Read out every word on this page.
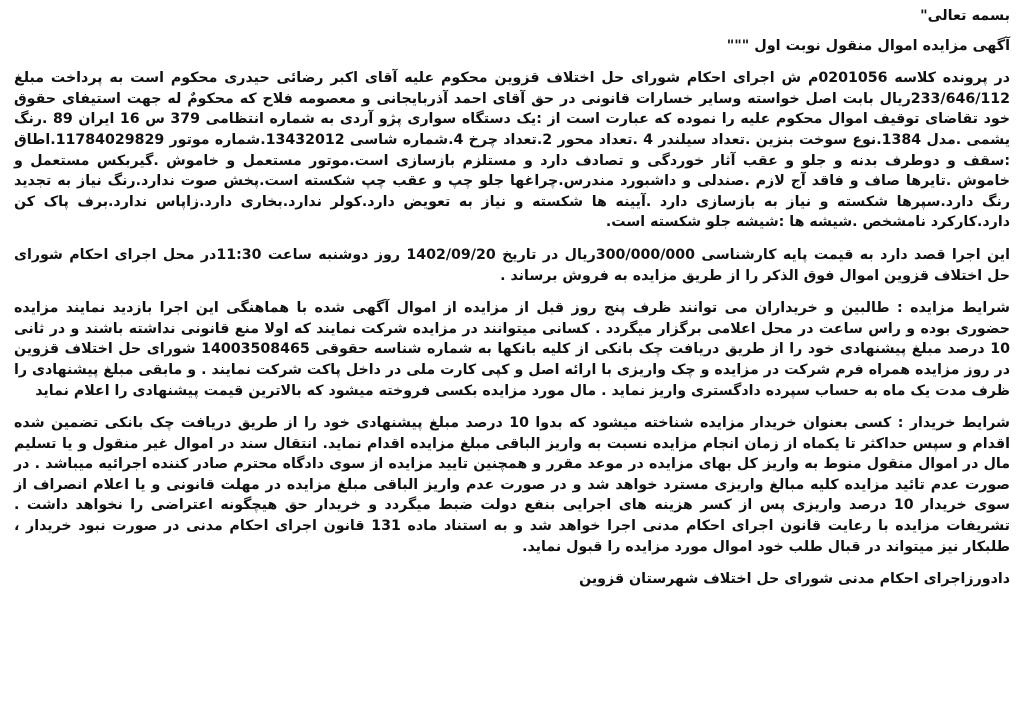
بسمه تعالی"

آگهی مزایده اموال منقول نوبت اول """

در پرونده کلاسه 0201056م ش اجرای احکام شورای حل اختلاف قزوین محکوم علیه آقای اکبر رضائی حیدری محکوم است به پرداخت مبلغ 233/646/112ریال بابت اصل خواسته وسایر خسارات قانونی در حق آقای احمد آذربایجانی و معصومه فلاح که محکومٌ له جهت استیفای حقوق خود تقاضای توقیف اموال محکوم علیه را نموده که عبارت است از :یک دستگاه سواری پژو آردی به شماره انتظامی 379 س 16 ایران 89 .رنگ یشمی .مدل 1384.نوع سوخت بنزین .تعداد سیلندر 4 .تعداد محور 2.تعداد چرخ 4.شماره شاسی 13432012.شماره موتور 11784029829.اطاق :سقف و دوطرف بدنه و جلو و عقب آثار خوردگی و تصادف دارد و مستلزم بازسازی است.موتور مستعمل و خاموش .گیربکس مستعمل و خاموش .تایرها صاف و فاقد آج لازم .صندلی و داشبورد مندرس.چراغها جلو چپ و عقب چپ شکسته است.پخش صوت ندارد.رنگ نیاز به تجدید رنگ دارد.سپرها شکسته و نیاز به بازسازی دارد .آیینه ها شکسته و نیاز به تعویض دارد.کولر ندارد.بخاری دارد.زاپاس ندارد.برف پاک کن دارد.کارکرد نامشخص .شیشه ها :شیشه جلو شکسته است.

این اجرا قصد دارد به قیمت پایه کارشناسی 300/000/000ریال در تاریخ 1402/09/20 روز دوشنبه ساعت 11:30در محل اجرای احکام شورای حل اختلاف قزوین اموال فوق الذکر را از طریق مزایده به فروش برساند .

شرایط مزایده : طالبین و خریداران می توانند ظرف پنج روز قبل از مزایده از اموال آگهی شده با هماهنگی این اجرا بازدید نمایند مزایده حضوری بوده و راس ساعت در محل اعلامی برگزار میگردد . کسانی میتوانند در مزایده شرکت نمایند که اولا منع قانونی نداشته باشند و در ثانی 10 درصد مبلغ پیشنهادی خود را از طریق دریافت چک بانکی از کلیه بانکها به شماره شناسه حقوقی 14003508465 شورای حل اختلاف قزوین در روز مزایده همراه فرم شرکت در مزایده و چک واریزی با ارائه اصل و کپی کارت ملی در داخل پاکت شرکت نمایند . و مابقی مبلغ پیشنهادی را ظرف مدت یک ماه به حساب سپرده دادگستری واریز نماید . مال مورد مزایده بکسی فروخته میشود که بالاترین قیمت پیشنهادی را اعلام نماید

شرایط خریدار : کسی بعنوان خریدار مزایده شناخته میشود که بدوا 10 درصد مبلغ پیشنهادی خود را از طریق دریافت چک بانکی تضمین شده اقدام و سپس حداکثر تا یکماه از زمان انجام مزایده نسبت به واریز الباقی مبلغ مزایده اقدام نماید. انتقال سند در اموال غیر منقول و یا تسلیم مال در اموال منقول منوط به واریز کل بهای مزایده در موعد مقرر و همچنین تایید مزایده از سوی دادگاه محترم صادر کننده اجرائیه میباشد . در صورت عدم تائید مزایده کلیه مبالغ واریزی مسترد خواهد شد و در صورت عدم واریز الباقی مبلغ مزایده در مهلت قانونی و یا اعلام انصراف از سوی خریدار 10 درصد واریزی پس از کسر هزینه های اجرایی بنفع دولت ضبط میگردد و خریدار حق هیچگونه اعتراضی را نخواهد داشت . تشریفات مزایده با رعایت قانون اجرای احکام مدنی اجرا خواهد شد و به استناد ماده 131 قانون اجرای احکام مدنی در صورت نبود خریدار ، طلبکار نیز میتواند در قبال طلب خود اموال مورد مزایده را قبول نماید.

دادورزاجرای احکام مدنی شورای حل اختلاف شهرستان قزوین
